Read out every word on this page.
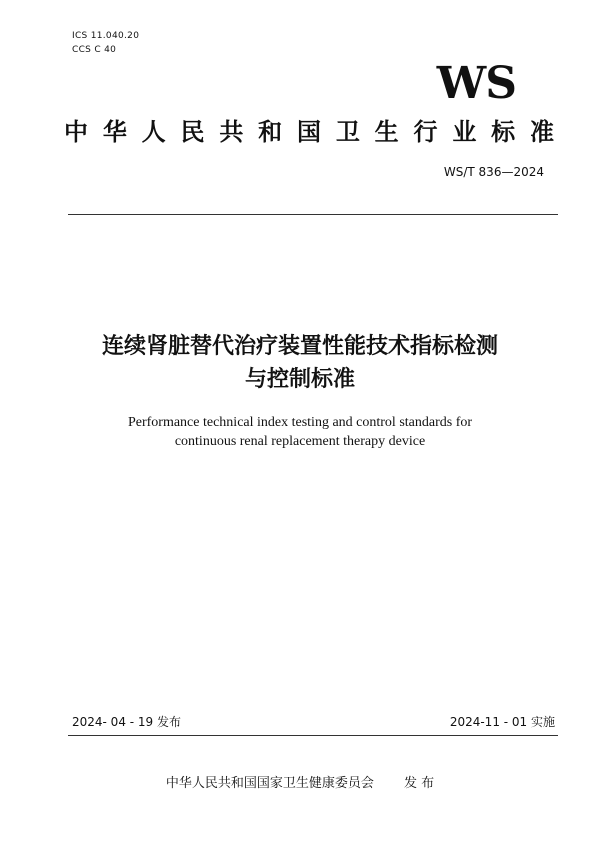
ICS 11.040.20
CCS C 40
WS
中华人民共和国卫生行业标准
WS/T 836—2024
连续肾脏替代治疗装置性能技术指标检测
与控制标准
Performance technical index testing and control standards for
continuous renal replacement therapy device
2024- 04 - 19 发布	2024-11 - 01 实施
中华人民共和国国家卫生健康委员会 发 布
